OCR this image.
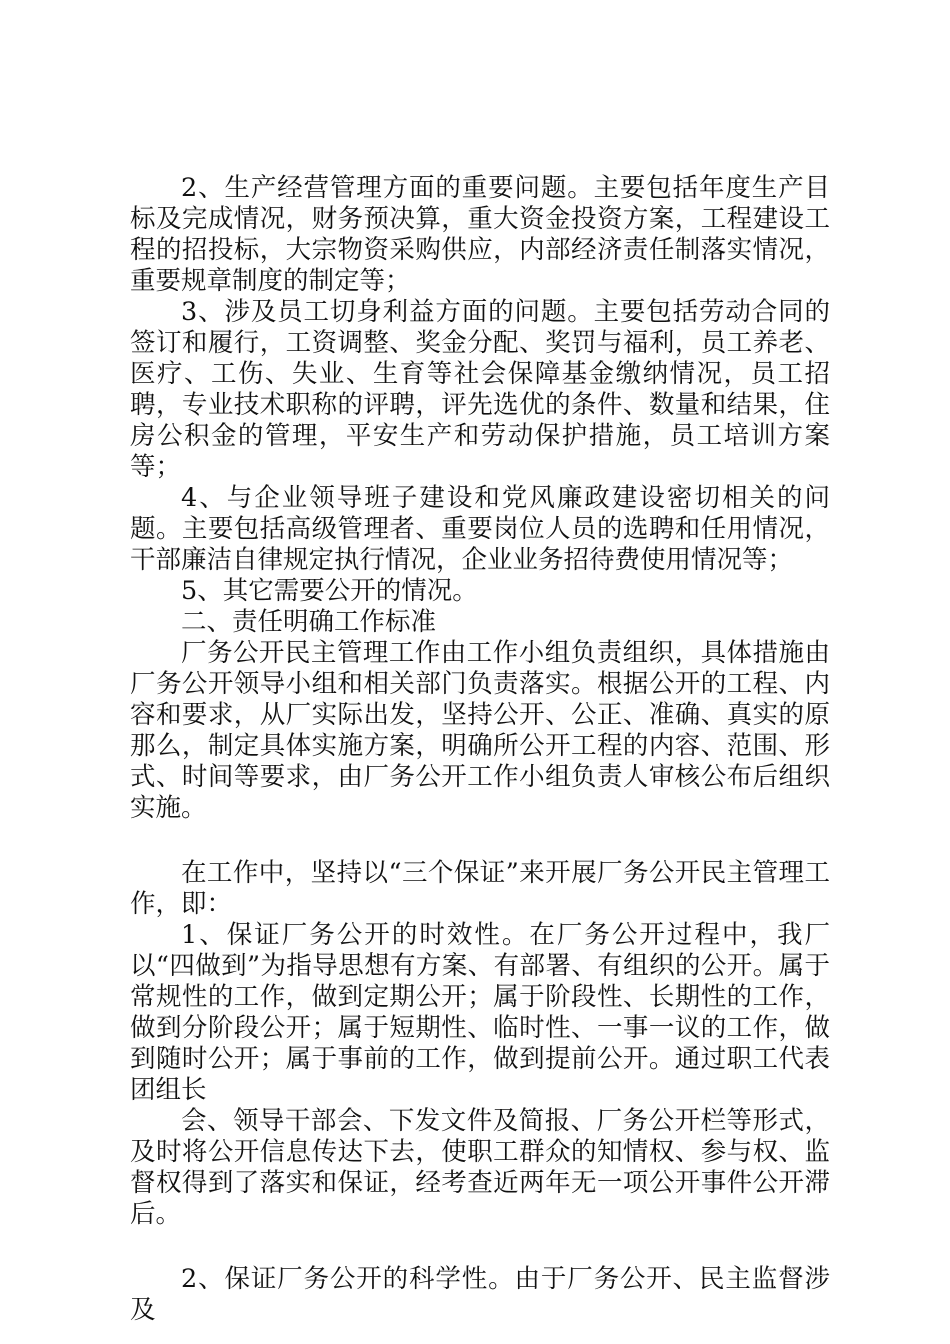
2、生产经营管理方面的重要问题。主要包括年度生产目标及完成情况，财务预决算，重大资金投资方案，工程建设工程的招投标，大宗物资采购供应，内部经济责任制落实情况，重要规章制度的制定等；

3、涉及员工切身利益方面的问题。主要包括劳动合同的签订和履行，工资调整、奖金分配、奖罚与福利，员工养老、医疗、工伤、失业、生育等社会保障基金缴纳情况，员工招聘，专业技术职称的评聘，评先选优的条件、数量和结果，住房公积金的管理，平安生产和劳动保护措施，员工培训方案等；

4、与企业领导班子建设和党风廉政建设密切相关的问题。主要包括高级管理者、重要岗位人员的选聘和任用情况，干部廉洁自律规定执行情况，企业业务招待费使用情况等；

5、其它需要公开的情况。

二、责任明确工作标准

厂务公开民主管理工作由工作小组负责组织，具体措施由厂务公开领导小组和相关部门负责落实。根据公开的工程、内容和要求，从厂实际出发，坚持公开、公正、准确、真实的原那么，制定具体实施方案，明确所公开工程的内容、范围、形式、时间等要求，由厂务公开工作小组负责人审核公布后组织实施。

在工作中，坚持以“三个保证”来开展厂务公开民主管理工作，即：

1、保证厂务公开的时效性。在厂务公开过程中，我厂以“四做到”为指导思想有方案、有部署、有组织的公开。属于常规性的工作，做到定期公开；属于阶段性、长期性的工作，做到分阶段公开；属于短期性、临时性、一事一议的工作，做到随时公开；属于事前的工作，做到提前公开。通过职工代表团组长

会、领导干部会、下发文件及简报、厂务公开栏等形式，及时将公开信息传达下去，使职工群众的知情权、参与权、监督权得到了落实和保证，经考查近两年无一项公开事件公开滞后。

2、保证厂务公开的科学性。由于厂务公开、民主监督涉及
